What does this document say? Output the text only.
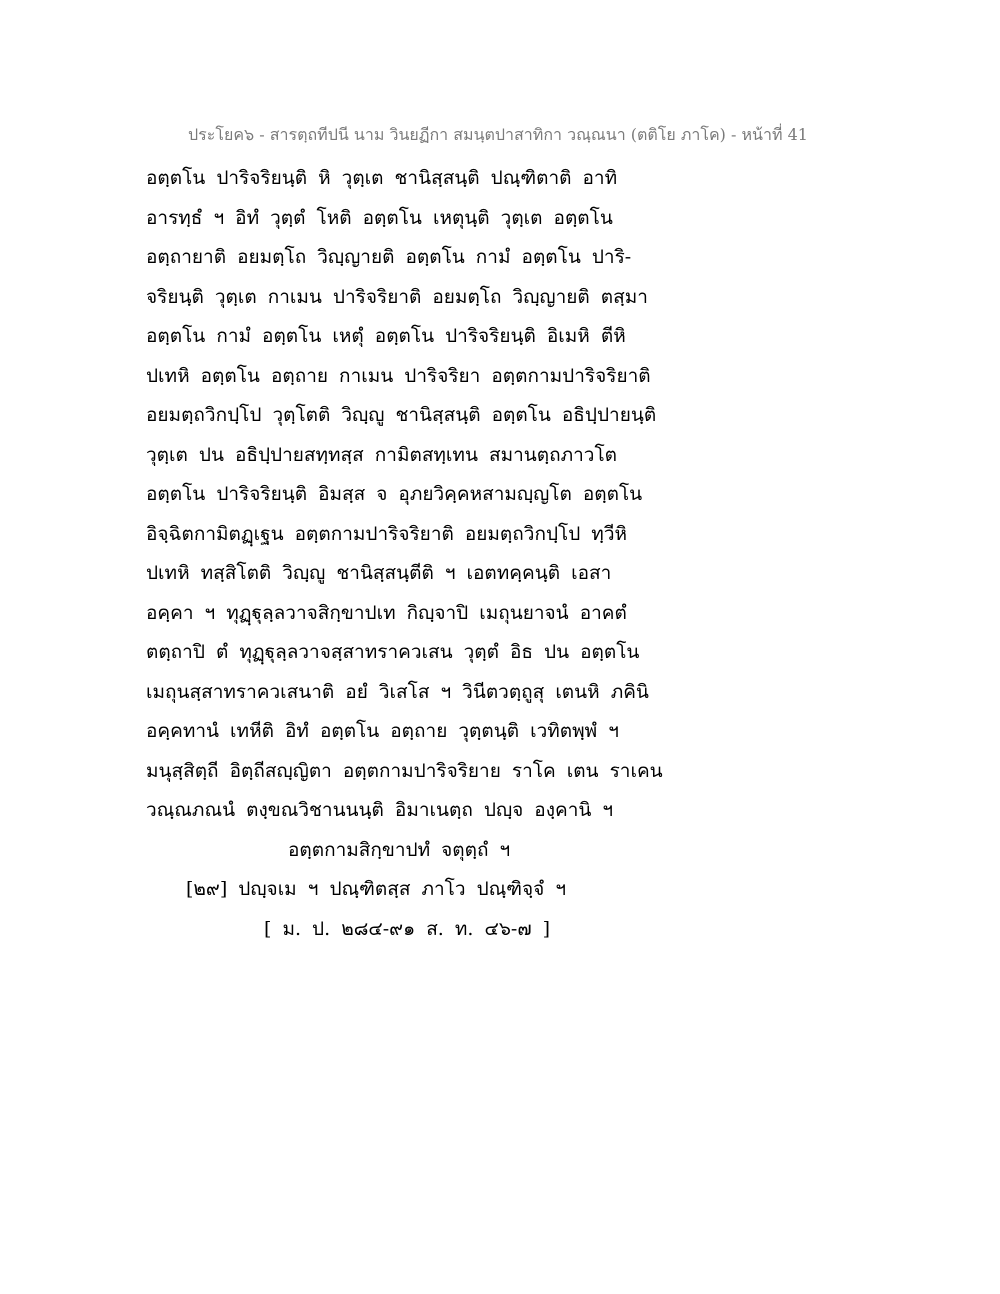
ประโยค๖ - สารตฺถทีปนี นาม วินยฏีกา สมนฺตปาสาทิกา วณฺณนา (ตติโย ภาโค) - หน้าที่ 41
อตฺตโน ปาริจริยนฺติ หิ วุตฺเต ชานิสฺสนฺติ ปณฺฑิตาติ อาทิ
อารทฺธํ ฯ อิทํ วุตฺตํ โหติ อตฺตโน เหตุนฺติ วุตฺเต อตฺตโน
อตฺถายาติ อยมตฺโถ วิญฺญายติ อตฺตโน กามํ อตฺตโน ปาริ-
จริยนฺติ วุตฺเต กาเมน ปาริจริยาติ อยมตฺโถ วิญฺญายติ ตสฺมา
อตฺตโน กามํ อตฺตโน เหตุํ อตฺตโน ปาริจริยนฺติ อิเมหิ ตีหิ
ปเทหิ อตฺตโน อตฺถาย กาเมน ปาริจริยา อตฺตกามปาริจริยาติ
อยมตฺถวิกปฺโป วุตฺโตติ วิญฺญู ชานิสฺสนฺติ อตฺตโน อธิปฺปายนฺติ
วุตฺเต ปน อธิปฺปายสทฺทสฺส กามิตสทฺเทน สมานตฺถภาวโต
อตฺตโน ปาริจริยนฺติ อิมสฺส จ อุภยวิคฺคหสามญฺญโต อตฺตโน
อิจฺฉิตกามิตฏฺเฐน อตฺตกามปาริจริยาติ อยมตฺถวิกปฺโป ทฺวีหิ
ปเทหิ ทสฺสิโตติ วิญฺญู ชานิสฺสนฺตีติ ฯ เอตทคฺคนฺติ เอสา
อคฺคา ฯ ทุฏฺฐุลฺลวาจสิกฺขาปเท กิญฺจาปิ เมถุนยาจนํ อาคตํ
ตตฺถาปิ ตํ ทุฏฺฐุลฺลวาจสฺสาทราควเสน วุตฺตํ อิธ ปน อตฺตโน
เมถุนสฺสาทราควเสนาติ อยํ วิเสโส ฯ วินีตวตฺถูสุ เตนหิ ภคินิ
อคฺคทานํ เทหีติ อิทํ อตฺตโน อตฺถาย วุตฺตนฺติ เวทิตพฺพํ ฯ
มนุสฺสิตฺถี อิตฺถีสญฺญิตา อตฺตกามปาริจริยาย ราโค เตน ราเคน
วณฺณภณนํ ตงฺขณวิชานนนฺติ อิมาเนตฺถ ปญฺจ องฺคานิ ฯ
อตฺตกามสิกฺขาปทํ จตุตฺถํ ฯ
[๒๙] ปญฺจเม ฯ ปณฺฑิตสฺส ภาโว ปณฺฑิจฺจํ ฯ
[ ม. ป. ๒๘๔-๙๑ ส. ท. ๔๖-๗ ]
